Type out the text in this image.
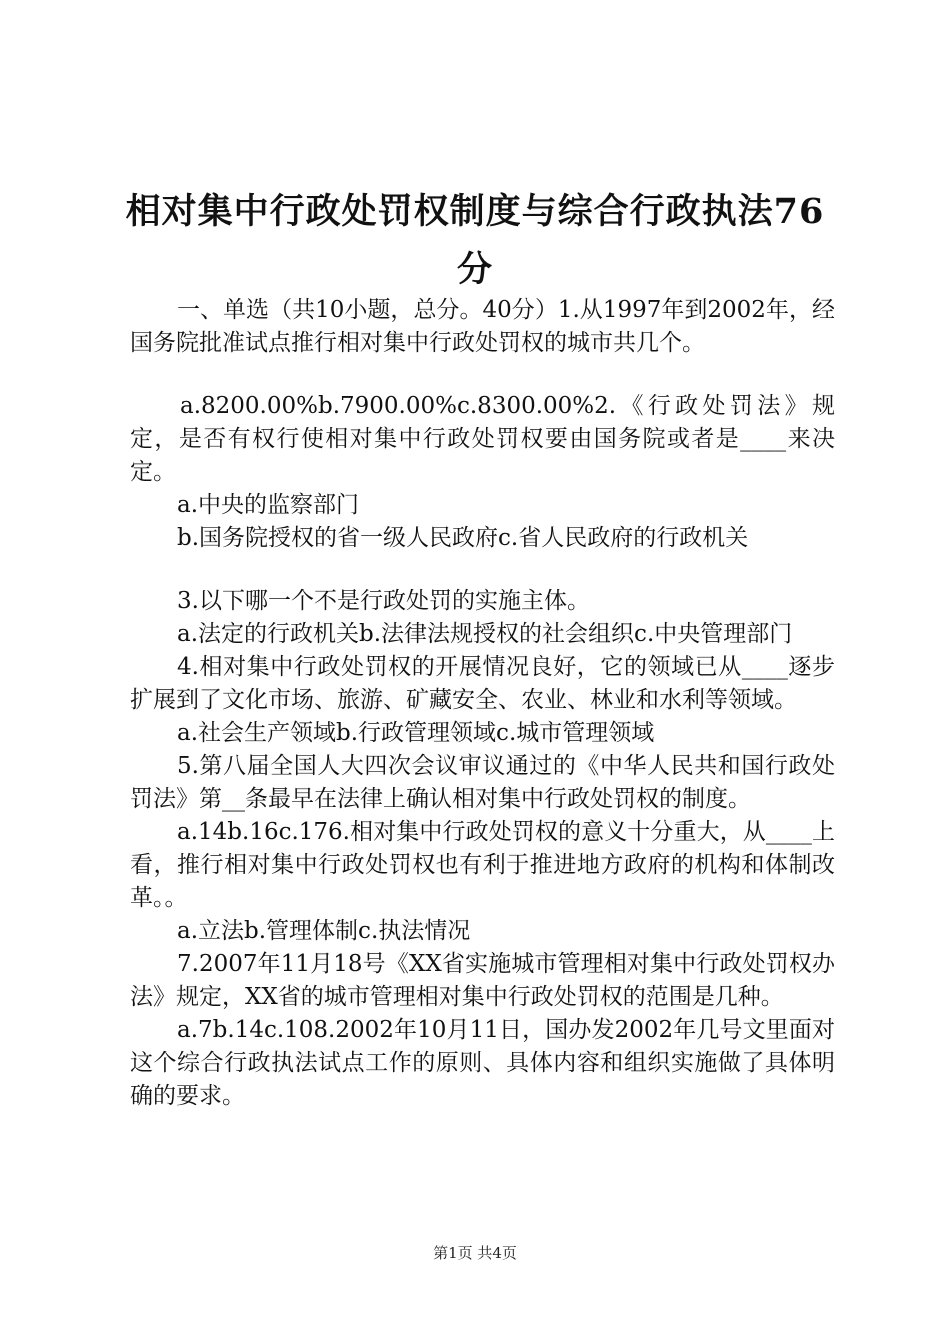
相对集中行政处罚权制度与综合行政执法76
分

一、单选（共10小题，总分。40分）1.从1997年到2002年，经国务院批准试点推行相对集中行政处罚权的城市共几个。

a.8200.00%b.7900.00%c.8300.00%2.《行政处罚法》规定，是否有权行使相对集中行政处罚权要由国务院或者是____来决定。

a.中央的监察部门

b.国务院授权的省一级人民政府c.省人民政府的行政机关

3.以下哪一个不是行政处罚的实施主体。

a.法定的行政机关b.法律法规授权的社会组织c.中央管理部门

4.相对集中行政处罚权的开展情况良好，它的领域已从____逐步扩展到了文化市场、旅游、矿藏安全、农业、林业和水利等领域。

a.社会生产领域b.行政管理领域c.城市管理领域

5.第八届全国人大四次会议审议通过的《中华人民共和国行政处罚法》第__条最早在法律上确认相对集中行政处罚权的制度。

a.14b.16c.176.相对集中行政处罚权的意义十分重大，从____上看，推行相对集中行政处罚权也有利于推进地方政府的机构和体制改革。。

a.立法b.管理体制c.执法情况

7.2007年11月18号《XX省实施城市管理相对集中行政处罚权办法》规定，XX省的城市管理相对集中行政处罚权的范围是几种。

a.7b.14c.108.2002年10月11日，国办发2002年几号文里面对这个综合行政执法试点工作的原则、具体内容和组织实施做了具体明确的要求。

第1页 共4页
